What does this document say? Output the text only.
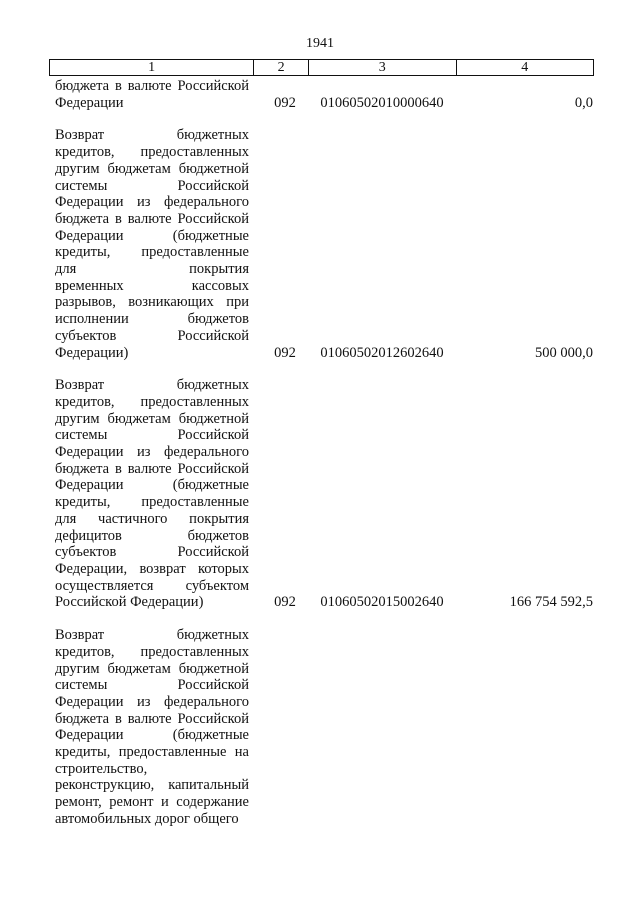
1941
1	2	3	4
бюджета в валюте Российской
Федерации	092	01060502010000640	0,0
Возврат бюджетных
кредитов, предоставленных
другим бюджетам бюджетной
системы Российской
Федерации из федерального
бюджета в валюте Российской
Федерации (бюджетные
кредиты, предоставленные
для покрытия
временных кассовых
разрывов, возникающих при
исполнении бюджетов
субъектов Российской
Федерации)	092	01060502012602640	500 000,0
Возврат бюджетных
кредитов, предоставленных
другим бюджетам бюджетной
системы Российской
Федерации из федерального
бюджета в валюте Российской
Федерации (бюджетные
кредиты, предоставленные
для частичного покрытия
дефицитов бюджетов
субъектов Российской
Федерации, возврат которых
осуществляется субъектом
Российской Федерации)	092	01060502015002640	166 754 592,5
Возврат бюджетных
кредитов, предоставленных
другим бюджетам бюджетной
системы Российской
Федерации из федерального
бюджета в валюте Российской
Федерации (бюджетные
кредиты, предоставленные на
строительство,
реконструкцию, капитальный
ремонт, ремонт и содержание
автомобильных дорог общего
